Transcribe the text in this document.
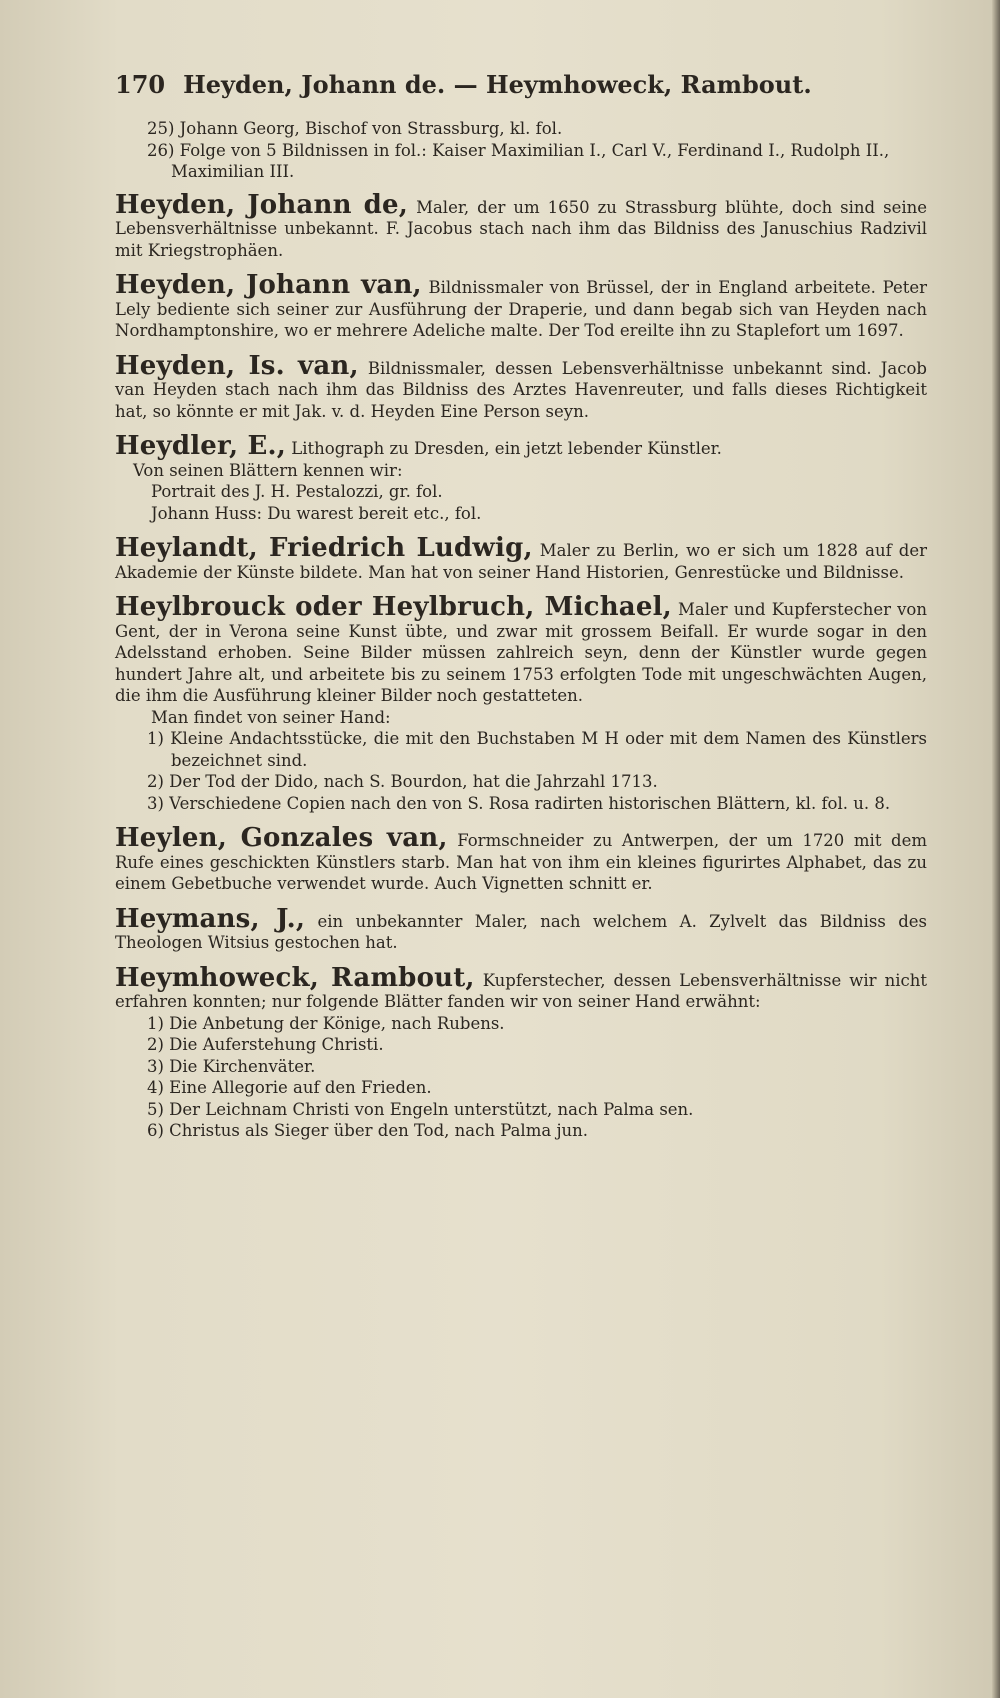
170 Heyden, Johann de. — Heymhoweck, Rambout.

25) Johann Georg, Bischof von Strassburg, kl. fol.

26) Folge von 5 Bildnissen in fol.: Kaiser Maximilian I., Carl V., Ferdinand I., Rudolph II., Maximilian III.

Heyden, Johann de, Maler, der um 1650 zu Strassburg blühte, doch sind seine Lebensverhältnisse unbekannt. F. Jacobus stach nach ihm das Bildniss des Januschius Radzivil mit Kriegstrophäen.

Heyden, Johann van, Bildnissmaler von Brüssel, der in England arbeitete. Peter Lely bediente sich seiner zur Ausführung der Draperie, und dann begab sich van Heyden nach Nordhamptonshire, wo er mehrere Adeliche malte. Der Tod ereilte ihn zu Staplefort um 1697.

Heyden, Is. van, Bildnissmaler, dessen Lebensverhältnisse unbekannt sind. Jacob van Heyden stach nach ihm das Bildniss des Arztes Havenreuter, und falls dieses Richtigkeit hat, so könnte er mit Jak. v. d. Heyden Eine Person seyn.

Heydler, E., Lithograph zu Dresden, ein jetzt lebender Künstler.

Von seinen Blättern kennen wir:

Portrait des J. H. Pestalozzi, gr. fol.

Johann Huss: Du warest bereit etc., fol.

Heylandt, Friedrich Ludwig, Maler zu Berlin, wo er sich um 1828 auf der Akademie der Künste bildete. Man hat von seiner Hand Historien, Genrestücke und Bildnisse.

Heylbrouck oder Heylbruch, Michael, Maler und Kupferstecher von Gent, der in Verona seine Kunst übte, und zwar mit grossem Beifall. Er wurde sogar in den Adelsstand erhoben. Seine Bilder müssen zahlreich seyn, denn der Künstler wurde gegen hundert Jahre alt, und arbeitete bis zu seinem 1753 erfolgten Tode mit ungeschwächten Augen, die ihm die Ausführung kleiner Bilder noch gestatteten.

Man findet von seiner Hand:

1) Kleine Andachtsstücke, die mit den Buchstaben M H oder mit dem Namen des Künstlers bezeichnet sind.

2) Der Tod der Dido, nach S. Bourdon, hat die Jahrzahl 1713.

3) Verschiedene Copien nach den von S. Rosa radirten historischen Blättern, kl. fol. u. 8.

Heylen, Gonzales van, Formschneider zu Antwerpen, der um 1720 mit dem Rufe eines geschickten Künstlers starb. Man hat von ihm ein kleines figurirtes Alphabet, das zu einem Gebetbuche verwendet wurde. Auch Vignetten schnitt er.

Heymans, J., ein unbekannter Maler, nach welchem A. Zylvelt das Bildniss des Theologen Witsius gestochen hat.

Heymhoweck, Rambout, Kupferstecher, dessen Lebensverhältnisse wir nicht erfahren konnten; nur folgende Blätter fanden wir von seiner Hand erwähnt:

1) Die Anbetung der Könige, nach Rubens.

2) Die Auferstehung Christi.

3) Die Kirchenväter.

4) Eine Allegorie auf den Frieden.

5) Der Leichnam Christi von Engeln unterstützt, nach Palma sen.

6) Christus als Sieger über den Tod, nach Palma jun.
